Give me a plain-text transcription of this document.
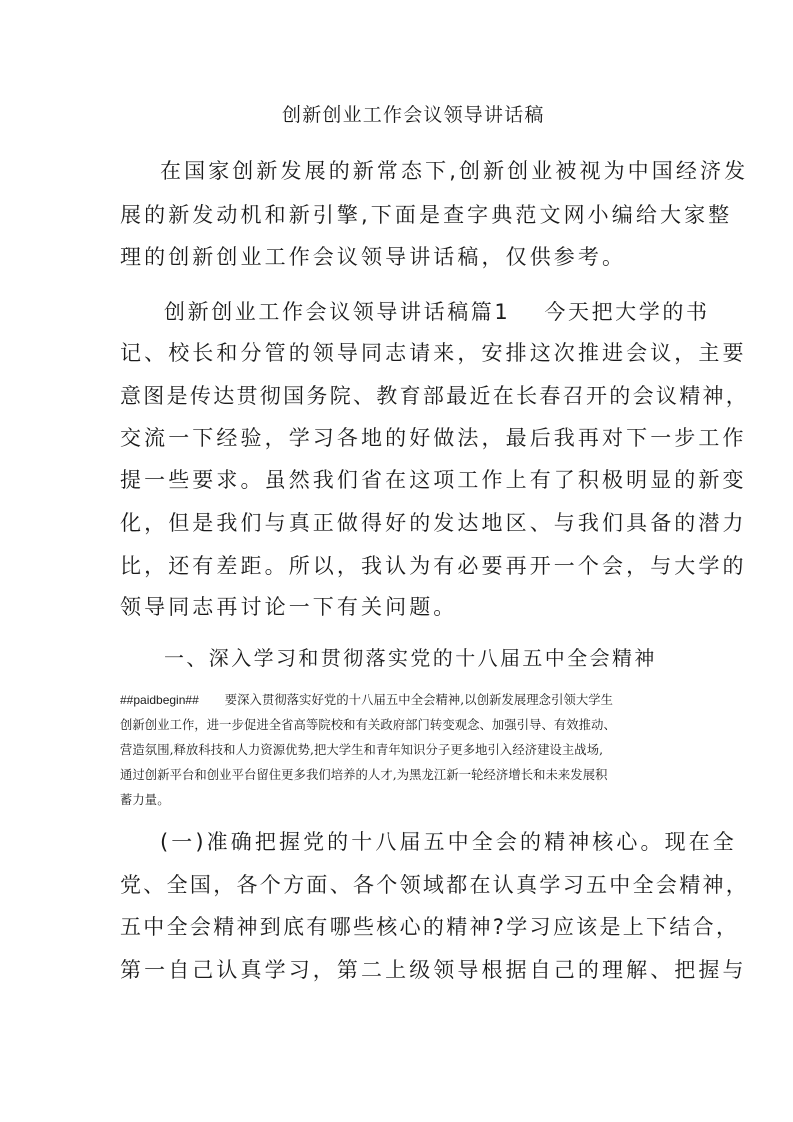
创新创业工作会议领导讲话稿
在国家创新发展的新常态下,创新创业被视为中国经济发
展的新发动机和新引擎,下面是查字典范文网小编给大家整
理的创新创业工作会议领导讲话稿，仅供参考。
创新创业工作会议领导讲话稿篇1 今天把大学的书
记、校长和分管的领导同志请来，安排这次推进会议，主要
意图是传达贯彻国务院、教育部最近在长春召开的会议精神，
交流一下经验，学习各地的好做法，最后我再对下一步工作
提一些要求。虽然我们省在这项工作上有了积极明显的新变
化，但是我们与真正做得好的发达地区、与我们具备的潜力
比，还有差距。所以，我认为有必要再开一个会，与大学的
领导同志再讨论一下有关问题。
一、深入学习和贯彻落实党的十八届五中全会精神
##paidbegin## 要深入贯彻落实好党的十八届五中全会精神,以创新发展理念引领大学生
创新创业工作，进一步促进全省高等院校和有关政府部门转变观念、加强引导、有效推动、
营造氛围,释放科技和人力资源优势,把大学生和青年知识分子更多地引入经济建设主战场,
通过创新平台和创业平台留住更多我们培养的人才,为黑龙江新一轮经济增长和未来发展积
蓄力量。
(一)准确把握党的十八届五中全会的精神核心。现在全
党、全国，各个方面、各个领域都在认真学习五中全会精神，
五中全会精神到底有哪些核心的精神?学习应该是上下结合，
第一自己认真学习，第二上级领导根据自己的理解、把握与
